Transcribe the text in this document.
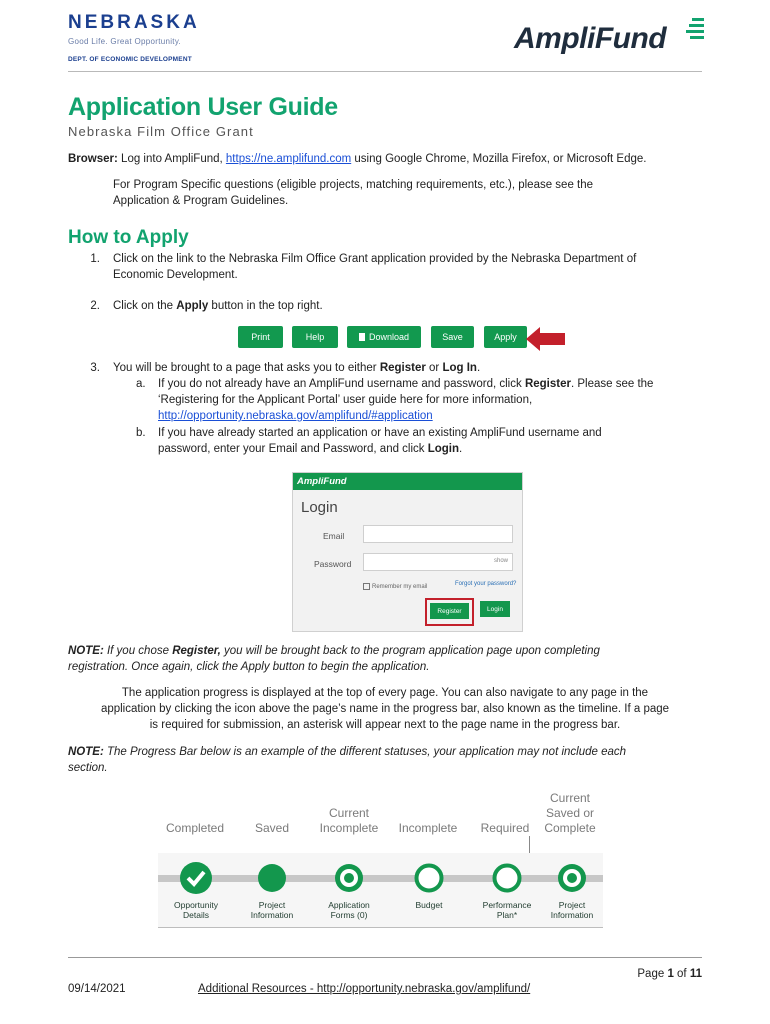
NEBRASKA
Good Life. Great Opportunity.
DEPT. OF ECONOMIC DEVELOPMENT
AmpliFund
Application User Guide
Nebraska Film Office Grant
Browser: Log into AmpliFund, https://ne.amplifund.com using Google Chrome, Mozilla Firefox, or Microsoft Edge.
For Program Specific questions (eligible projects, matching requirements, etc.), please see the
Application & Program Guidelines.
How to Apply
1. Click on the link to the Nebraska Film Office Grant application provided by the Nebraska Department of
Economic Development.
2. Click on the Apply button in the top right.
Print	Help	Download	Save	Apply
3. You will be brought to a page that asks you to either Register or Log In.
a. If you do not already have an AmpliFund username and password, click Register. Please see the
‘Registering for the Applicant Portal’ user guide here for more information,
http://opportunity.nebraska.gov/amplifund/#application
b. If you have already started an application or have an existing AmpliFund username and
password, enter your Email and Password, and click Login.
AmpliFund
Login
Email
Password	show
Remember my email
Forgot your password?
Register	Login
NOTE: If you chose Register, you will be brought back to the program application page upon completing
registration. Once again, click the Apply button to begin the application.
The application progress is displayed at the top of every page. You can also navigate to any page in the
application by clicking the icon above the page’s name in the progress bar, also known as the timeline. If a page
is required for submission, an asterisk will appear next to the page name in the progress bar.
NOTE: The Progress Bar below is an example of the different statuses, your application may not include each
section.
Completed	Saved
Current
Incomplete	Incomplete	Required
Current
Saved or
Complete
Opportunity
Details
Project
Information
Application
Forms (0)
Budget	Performance
Plan*
Project
Information
Page 1 of 11
09/14/2021	Additional Resources - http://opportunity.nebraska.gov/amplifund/
